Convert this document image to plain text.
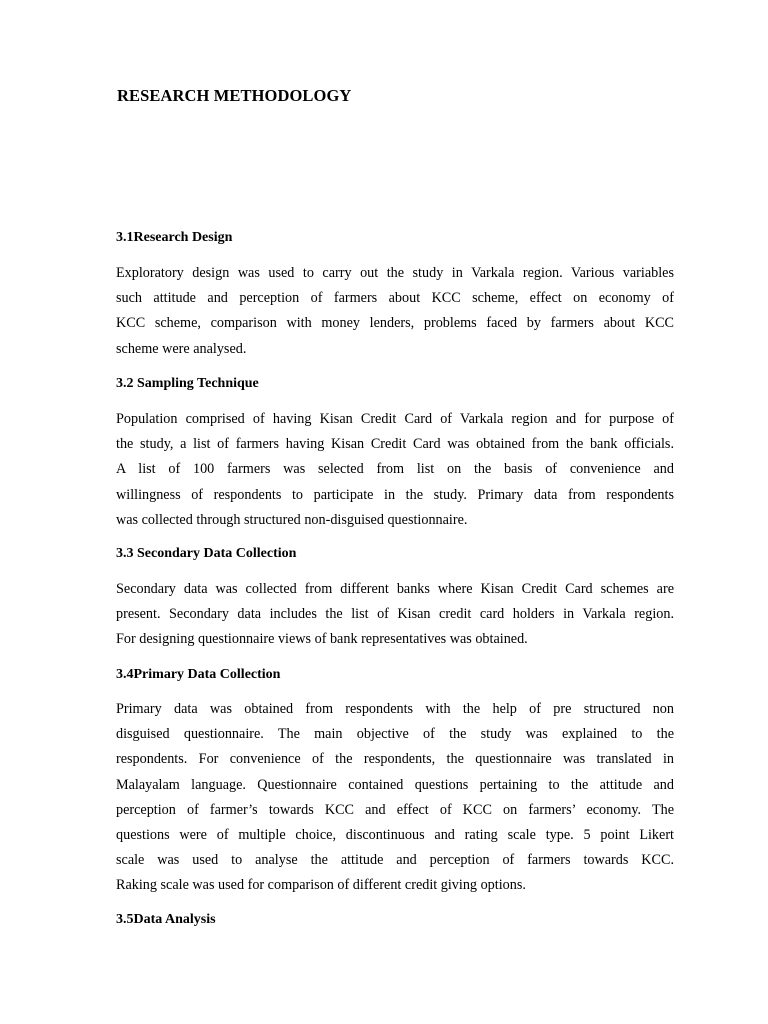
RESEARCH METHODOLOGY
3.1Research Design
Exploratory design was used to carry out the study in Varkala region. Various variables
such attitude and perception of farmers about KCC scheme, effect on economy of
KCC scheme, comparison with money lenders, problems faced by farmers about KCC
scheme were analysed.
3.2 Sampling Technique
Population comprised of having Kisan Credit Card of Varkala region and for purpose of
the study, a list of farmers having Kisan Credit Card was obtained from the bank officials.
A list of 100 farmers was selected from list on the basis of convenience and
willingness of respondents to participate in the study. Primary data from respondents
was collected through structured non-disguised questionnaire.
3.3 Secondary Data Collection
Secondary data was collected from different banks where Kisan Credit Card schemes are
present. Secondary data includes the list of Kisan credit card holders in Varkala region.
For designing questionnaire views of bank representatives was obtained.
3.4Primary Data Collection
Primary data was obtained from respondents with the help of pre structured non
disguised questionnaire. The main objective of the study was explained to the
respondents. For convenience of the respondents, the questionnaire was translated in
Malayalam language. Questionnaire contained questions pertaining to the attitude and
perception of farmer’s towards KCC and effect of KCC on farmers’ economy. The
questions were of multiple choice, discontinuous and rating scale type. 5 point Likert
scale was used to analyse the attitude and perception of farmers towards KCC.
Raking scale was used for comparison of different credit giving options.
3.5Data Analysis
